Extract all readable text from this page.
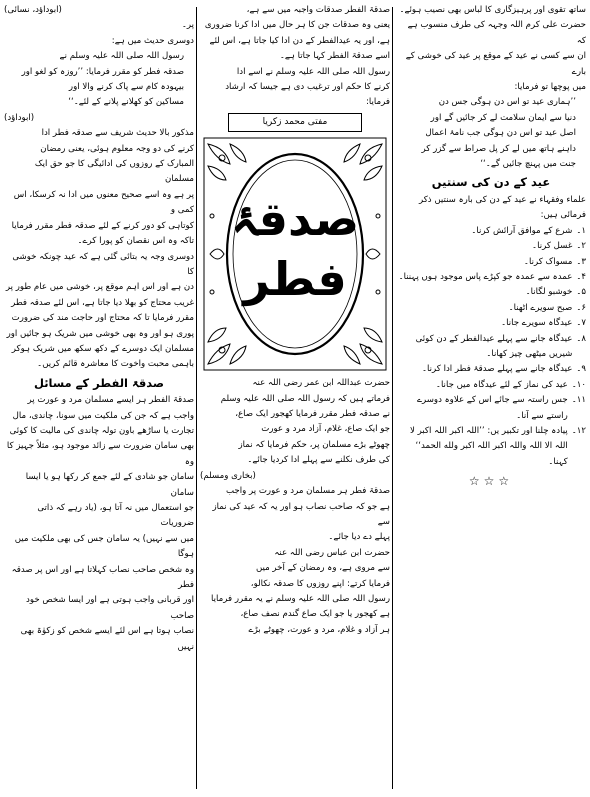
ساتھ تقوی اور پرہیزگاری کا لباس بھی نصیب ہوئے۔

حضرت علی کرم اللہ وجہہ کی طرف منسوب ہے کہ

ان سے کسی نے عید کے موقع پر عید کی خوشی کے بارے

میں پوچھا تو فرمایا:

’’ہماری عید تو اس دن ہوگی جس دن

دنیا سے ایمان سلامت لے کر جائیں گے اور

اصل عید تو اس دن ہوگی جب نامۂ اعمال

داہنے ہاتھ میں لے کر پل صراط سے گزر کر

جنت میں پہنچ جائیں گے۔‘‘

عید کے دن کی سنتیں

علماء وفقہاء نے عید کے دن کی بارہ سنتیں ذکر

فرمائی ہیں:

۱۔
شرع کے موافق آرائش کرنا۔
۲۔
غسل کرنا۔
۳۔
مسواک کرنا۔
۴۔
عمدہ سے عمدہ جو کپڑے پاس موجود ہوں پہننا۔
۵۔
خوشبو لگانا۔
۶۔
صبح سویرے اٹھنا۔
۷۔
عیدگاہ سویرے جانا۔
۸۔
عیدگاہ جانے سے پہلے عیدالفطر کے دن کوئی شیریں میٹھی چیز کھانا۔
۹۔
عیدگاہ جانے سے پہلے صدقۂ فطر ادا کرنا۔
۱۰۔
عید کی نماز کے لئے عیدگاہ میں جانا۔
۱۱۔
جس راستہ سے جائے اس کے علاوہ دوسرے راستے سے آنا۔
۱۲۔
پیادہ چلنا اور تکبیر یں: ’’اللہ اکبر اللہ اکبر لا اللہ الا اللہ واللہ اکبر اللہ اکبر ولله الحمد‘‘ کہنا۔
☆☆☆

صدقۃ الفطر صدقات واجبہ میں سے ہے،

یعنی وہ صدقات جن کا ہر حال میں ادا کرنا ضروری

ہے، اور یہ عیدالفطر کے دن ادا کیا جاتا ہے، اس لئے

اسے صدقۃ الفطر کہا جاتا ہے۔

رسول اللہ صلی اللہ علیہ وسلم نے اسے ادا

کرنے کا حکم اور ترغیب دی ہے جیسا کہ ارشاد فرمایا:

مفتی محمد زکریا
صدقۂ
فطر

حضرت عبداللہ ابن عمر رضی اللہ عنہ

فرماتے ہیں کہ رسول اللہ صلی اللہ علیہ وسلم

نے صدقہ فطر مقرر فرمایا کھجور ایک صاع،

جو ایک صاع، غلام، آزاد مرد و عورت

چھوٹے بڑے مسلمان پر، حکم فرمایا کہ نماز

کی طرف نکلنے سے پہلے ادا کردیا جائے۔

(بخاری ومسلم)

صدقۃ فطر ہر مسلمان مرد و عورت پر واجب

ہے جو کہ صاحب نصاب ہو اور یہ کہ عید کی نماز سے

پہلے دے دیا جائے۔

حضرت ابن عباس رضی اللہ عنہ

سے مروی ہے، وہ رمضان کے آخر میں

فرمایا کرتے: اپنے روزوں کا صدقہ نکالو،

رسول اللہ صلی اللہ علیہ وسلم نے یہ مقرر فرمایا

ہے کھجور یا جو ایک صاع گندم نصف صاع،

ہر آزاد و غلام، مرد و عورت، چھوٹے بڑے

(ابوداؤد، نسائی)

پر۔

دوسری حدیث میں ہے:

رسول اللہ صلی اللہ علیہ وسلم نے

صدقہ فطر کو مقرر فرمایا: ’’روزہ کو لغو اور

بیہودہ کام سے پاک کرنے والا اور

مساکین کو کھلانے پلانے کے لئے۔‘‘

(ابوداؤد)

مذکور بالا حدیث شریف سے صدقہ فطر ادا

کرنے کی دو وجہ معلوم ہوئی، یعنی رمضان

المبارک کے روزوں کی ادائیگی کا جو حق ایک مسلمان

پر ہے وہ اسے صحیح معنوں میں ادا نہ کرسکا، اس کمی و

کوتاہی کو دور کرنے کے لئے صدقہ فطر مقرر فرمایا

تاکہ وہ اس نقصان کو پورا کرے۔

دوسری وجہ یہ بتائی گئی ہے کہ عید چونکہ خوشی کا

دن ہے اور اس اہم موقع پر، خوشی میں عام طور پر

غریب محتاج کو بھلا دیا جاتا ہے، اس لئے صدقہ فطر

مقرر فرمایا تا کہ محتاج اور حاجت مند کی ضرورت

پوری ہو اور وہ بھی خوشی میں شریک ہو جائیں اور

مسلمان ایک دوسرے کے دکھ سکھ میں شریک ہوکر

باہمی محبت واخوت کا معاشرہ قائم کریں۔

صدقۃ الفطر کے مسائل

صدقۃ الفطر ہر ایسے مسلمان مرد و عورت پر

واجب ہے کہ جن کی ملکیت میں سونا، چاندی، مال

تجارت یا ساڑھے باون تولہ چاندی کی مالیت کا کوئی

بھی سامان ضرورت سے زائد موجود ہو، مثلاً جہیز کا وہ

سامان جو شادی کے لئے جمع کر رکھا ہو یا ایسا سامان

جو استعمال میں نہ آتا ہو، (یاد رہے کہ ذاتی ضروریات

میں سے نہیں) یہ سامان جس کی بھی ملکیت میں ہوگا

وہ شخص صاحب نصاب کہلاتا ہے اور اس پر صدقہ فطر

اور قربانی واجب ہوتی ہے اور ایسا شخص خود صاحب

نصاب ہوتا ہے اس لئے ایسے شخص کو زکوٰۃ بھی نہیں
